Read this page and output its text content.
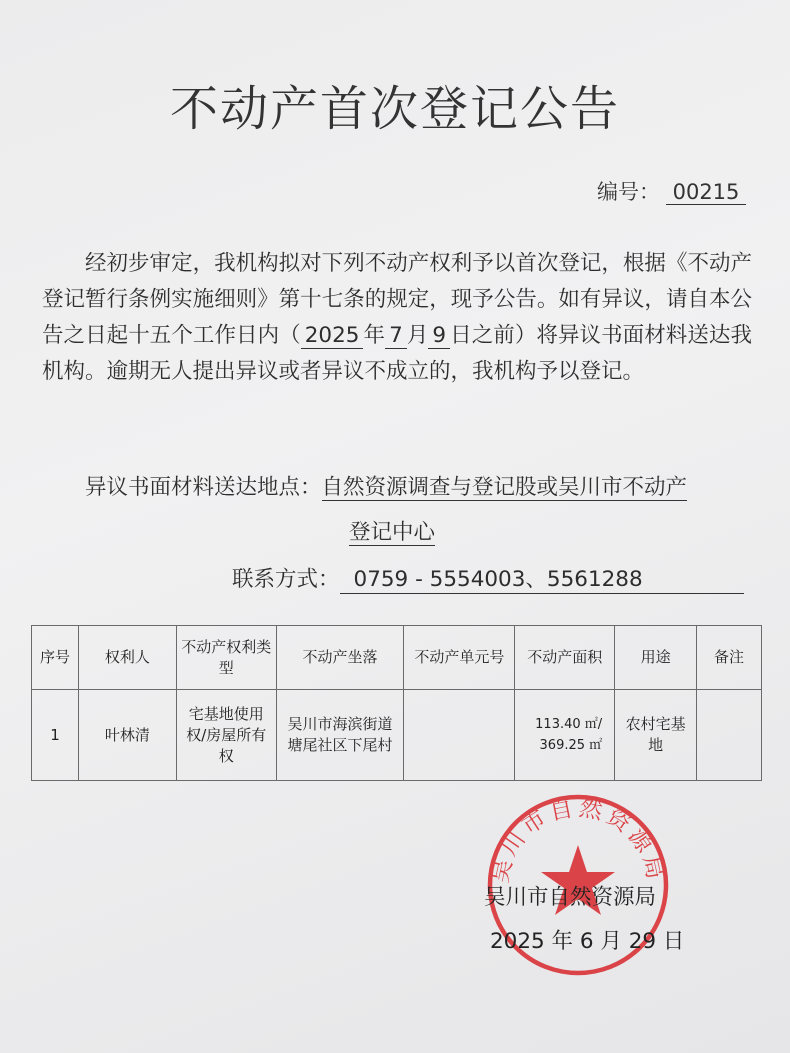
不动产首次登记公告
编号： 00215
经初步审定，我机构拟对下列不动产权利予以首次登记，根据《不动产登记暂行条例实施细则》第十七条的规定，现予公告。如有异议，请自本公告之日起十五个工作日内（ 2025 年 7 月 9 日之前）将异议书面材料送达我机构。逾期无人提出异议或者异议不成立的，我机构予以登记。
异议书面材料送达地点：自然资源调查与登记股或吴川市不动产
登记中心
联系方式： 0759 - 5554003、5561288
序号	权利人	不动产权利类型	不动产坐落	不动产单元号	不动产面积	用途	备注
1	叶林清	宅基地使用权/房屋所有权	吴川市海滨街道塘尾社区下尾村		113.40 ㎡/ 369.25 ㎡	农村宅基地	
吴川市自然资源局
吴川市自然资源局
2025 年 6 月 29 日
